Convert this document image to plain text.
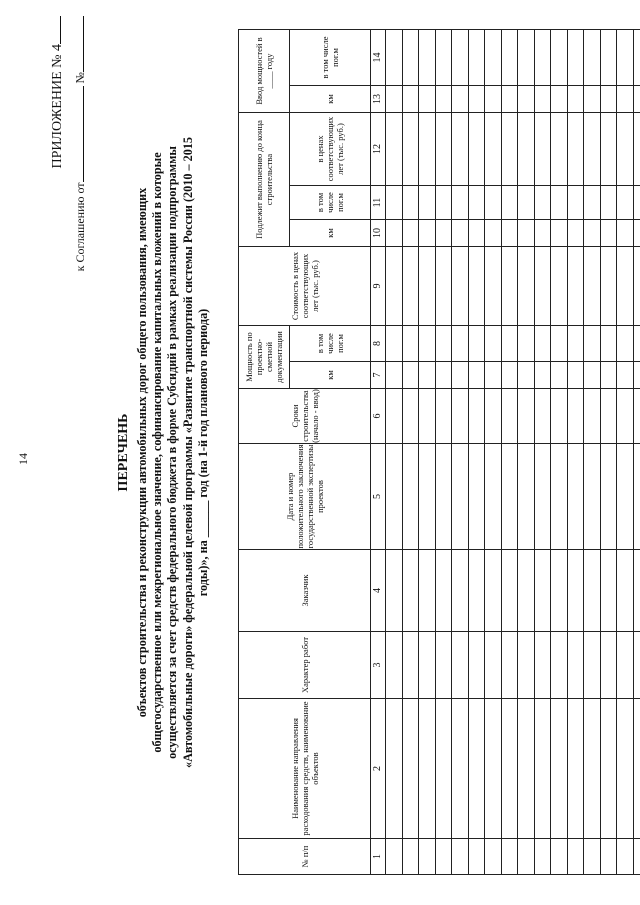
14
ПРИЛОЖЕНИЕ № 4
к Соглашению от №
ПЕРЕЧЕНЬ объектов строительства и реконструкции автомобильных дорог общего пользования, имеющих общегосударственное или межрегиональное значение, софинансирование капитальных вложений в которые осуществляется за счет средств федерального бюджета в форме Субсидий в рамках реализации подпрограммы «Автомобильные дороги» федеральной целевой программы «Развитие транспортной системы России (2010 – 2015 годы)», на ______ год (на 1-й год планового периода)
№ п/п	Наименование направления расходования средств, наименование объектов	Характер работ	Заказчик	Дата и номер положительного заключения государственной экспертизы проектов	Сроки строительства (начало - ввод)	Мощность по проектно-сметной документации		Стоимость в ценах соответствующих лет (тыс. руб.)	Подлежит выполнению до конца строительства			Ввод мощностей в ____ году	
						км	в том числе пог.м		км	в том числе пог.м	в ценах соответствующих лет (тыс. руб.)	км	в том числе пог.м
1	2	3	4	5	6	7	8	9	10	11	12	13	14
